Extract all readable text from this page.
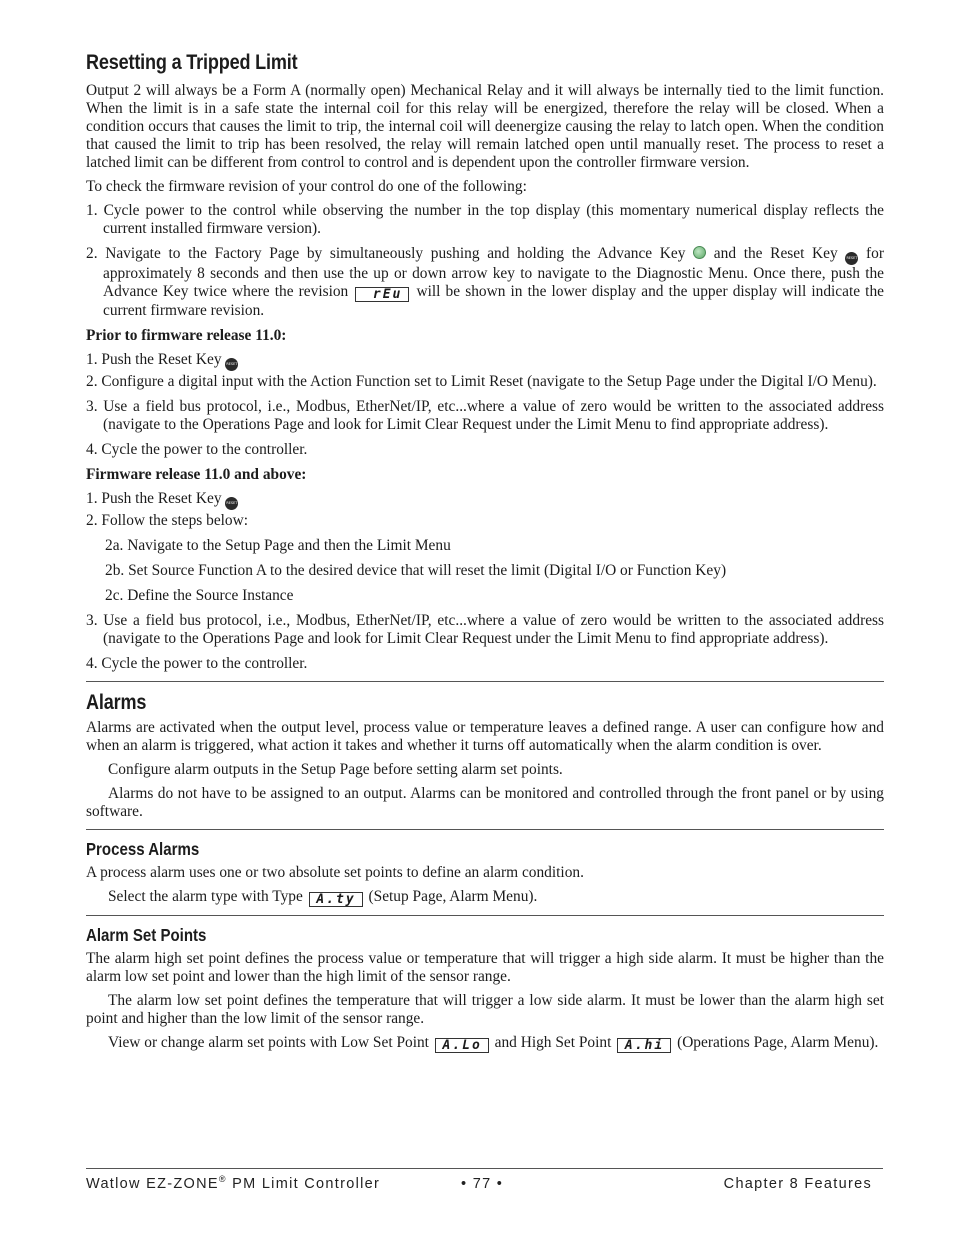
Resetting a Tripped Limit

Output 2 will always be a Form A (normally open) Mechanical Relay and it will always be internally tied to the limit function. When the limit is in a safe state the internal coil for this relay will be energized, therefore the relay will be closed. When a condition occurs that causes the limit to trip, the internal coil will deenergize causing the relay to latch open. When the condition that caused the limit to trip has been resolved, the relay will remain latched open until manually reset. The process to reset a latched limit can be different from control to control and is dependent upon the controller firmware version.

To check the firmware revision of your control do one of the following:

1. Cycle power to the control while observing the number in the top display (this momentary numerical display reflects the current installed firmware version).
2. Navigate to the Factory Page by simultaneously pushing and holding the Advance Key  and the Reset Key RESET for approximately 8 seconds and then use the up or down arrow key to navigate to the Diagnostic Menu. Once there, push the Advance Key twice where the revision rEu will be shown in the lower display and the upper display will indicate the current firmware revision.

Prior to firmware release 11.0:

1. Push the Reset Key RESET
2. Configure a digital input with the Action Function set to Limit Reset (navigate to the Setup Page under the Digital I/O Menu).
3. Use a field bus protocol, i.e., Modbus, EtherNet/IP, etc...where a value of zero would be written to the associated address (navigate to the Operations Page and look for Limit Clear Request under the Limit Menu to find appropriate address).
4. Cycle the power to the controller.

Firmware release 11.0 and above:

1. Push the Reset Key RESET
2. Follow the steps below:
2a. Navigate to the Setup Page and then the Limit Menu
2b. Set Source Function A to the desired device that will reset the limit (Digital I/O or Function Key)
2c. Define the Source Instance
3. Use a field bus protocol, i.e., Modbus, EtherNet/IP, etc...where a value of zero would be written to the associated address (navigate to the Operations Page and look for Limit Clear Request under the Limit Menu to find appropriate address).
4. Cycle the power to the controller.
Alarms

Alarms are activated when the output level, process value or temperature leaves a defined range. A user can configure how and when an alarm is triggered, what action it takes and whether it turns off automatically when the alarm condition is over.

Configure alarm outputs in the Setup Page before setting alarm set points.

Alarms do not have to be assigned to an output. Alarms can be monitored and controlled through the front panel or by using software.

Process Alarms

A process alarm uses one or two absolute set points to define an alarm condition.

Select the alarm type with Type A.ty (Setup Page, Alarm Menu).

Alarm Set Points

The alarm high set point defines the process value or temperature that will trigger a high side alarm. It must be higher than the alarm low set point and lower than the high limit of the sensor range.

The alarm low set point defines the temperature that will trigger a low side alarm. It must be lower than the alarm high set point and higher than the low limit of the sensor range.

View or change alarm set points with Low Set Point A.Lo and High Set Point A.hi (Operations Page, Alarm Menu).

Watlow EZ-ZONE® PM Limit Controller	• 77 •	Chapter 8 Features
